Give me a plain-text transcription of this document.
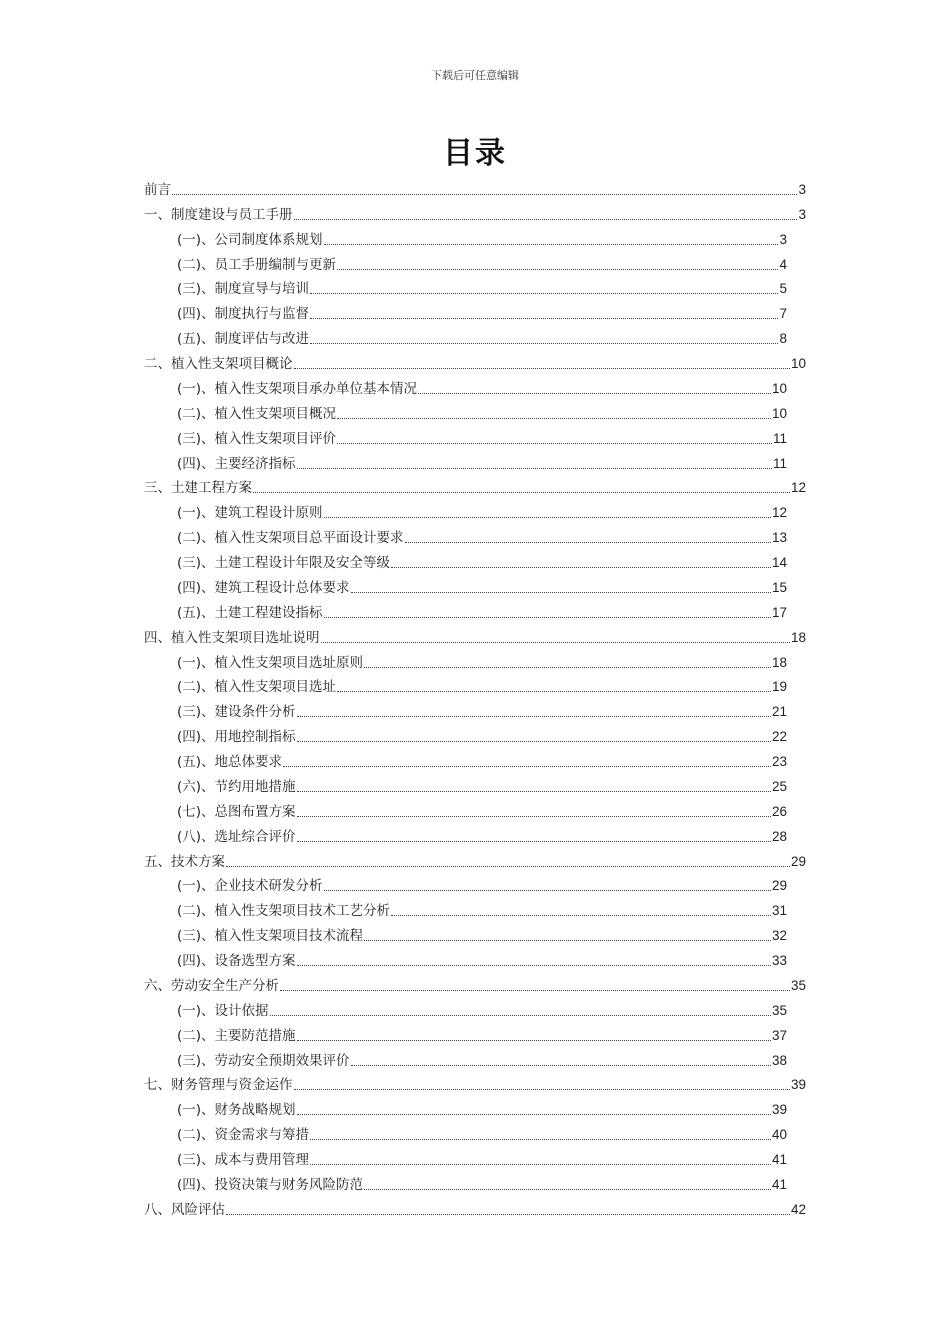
下载后可任意编辑
目录
前言	3
一、制度建设与员工手册	3
(一)、公司制度体系规划	3
(二)、员工手册编制与更新	4
(三)、制度宣导与培训	5
(四)、制度执行与监督	7
(五)、制度评估与改进	8
二、植入性支架项目概论	10
(一)、植入性支架项目承办单位基本情况	10
(二)、植入性支架项目概况	10
(三)、植入性支架项目评价	11
(四)、主要经济指标	11
三、土建工程方案	12
(一)、建筑工程设计原则	12
(二)、植入性支架项目总平面设计要求	13
(三)、土建工程设计年限及安全等级	14
(四)、建筑工程设计总体要求	15
(五)、土建工程建设指标	17
四、植入性支架项目选址说明	18
(一)、植入性支架项目选址原则	18
(二)、植入性支架项目选址	19
(三)、建设条件分析	21
(四)、用地控制指标	22
(五)、地总体要求	23
(六)、节约用地措施	25
(七)、总图布置方案	26
(八)、选址综合评价	28
五、技术方案	29
(一)、企业技术研发分析	29
(二)、植入性支架项目技术工艺分析	31
(三)、植入性支架项目技术流程	32
(四)、设备选型方案	33
六、劳动安全生产分析	35
(一)、设计依据	35
(二)、主要防范措施	37
(三)、劳动安全预期效果评价	38
七、财务管理与资金运作	39
(一)、财务战略规划	39
(二)、资金需求与筹措	40
(三)、成本与费用管理	41
(四)、投资决策与财务风险防范	41
八、风险评估	42
